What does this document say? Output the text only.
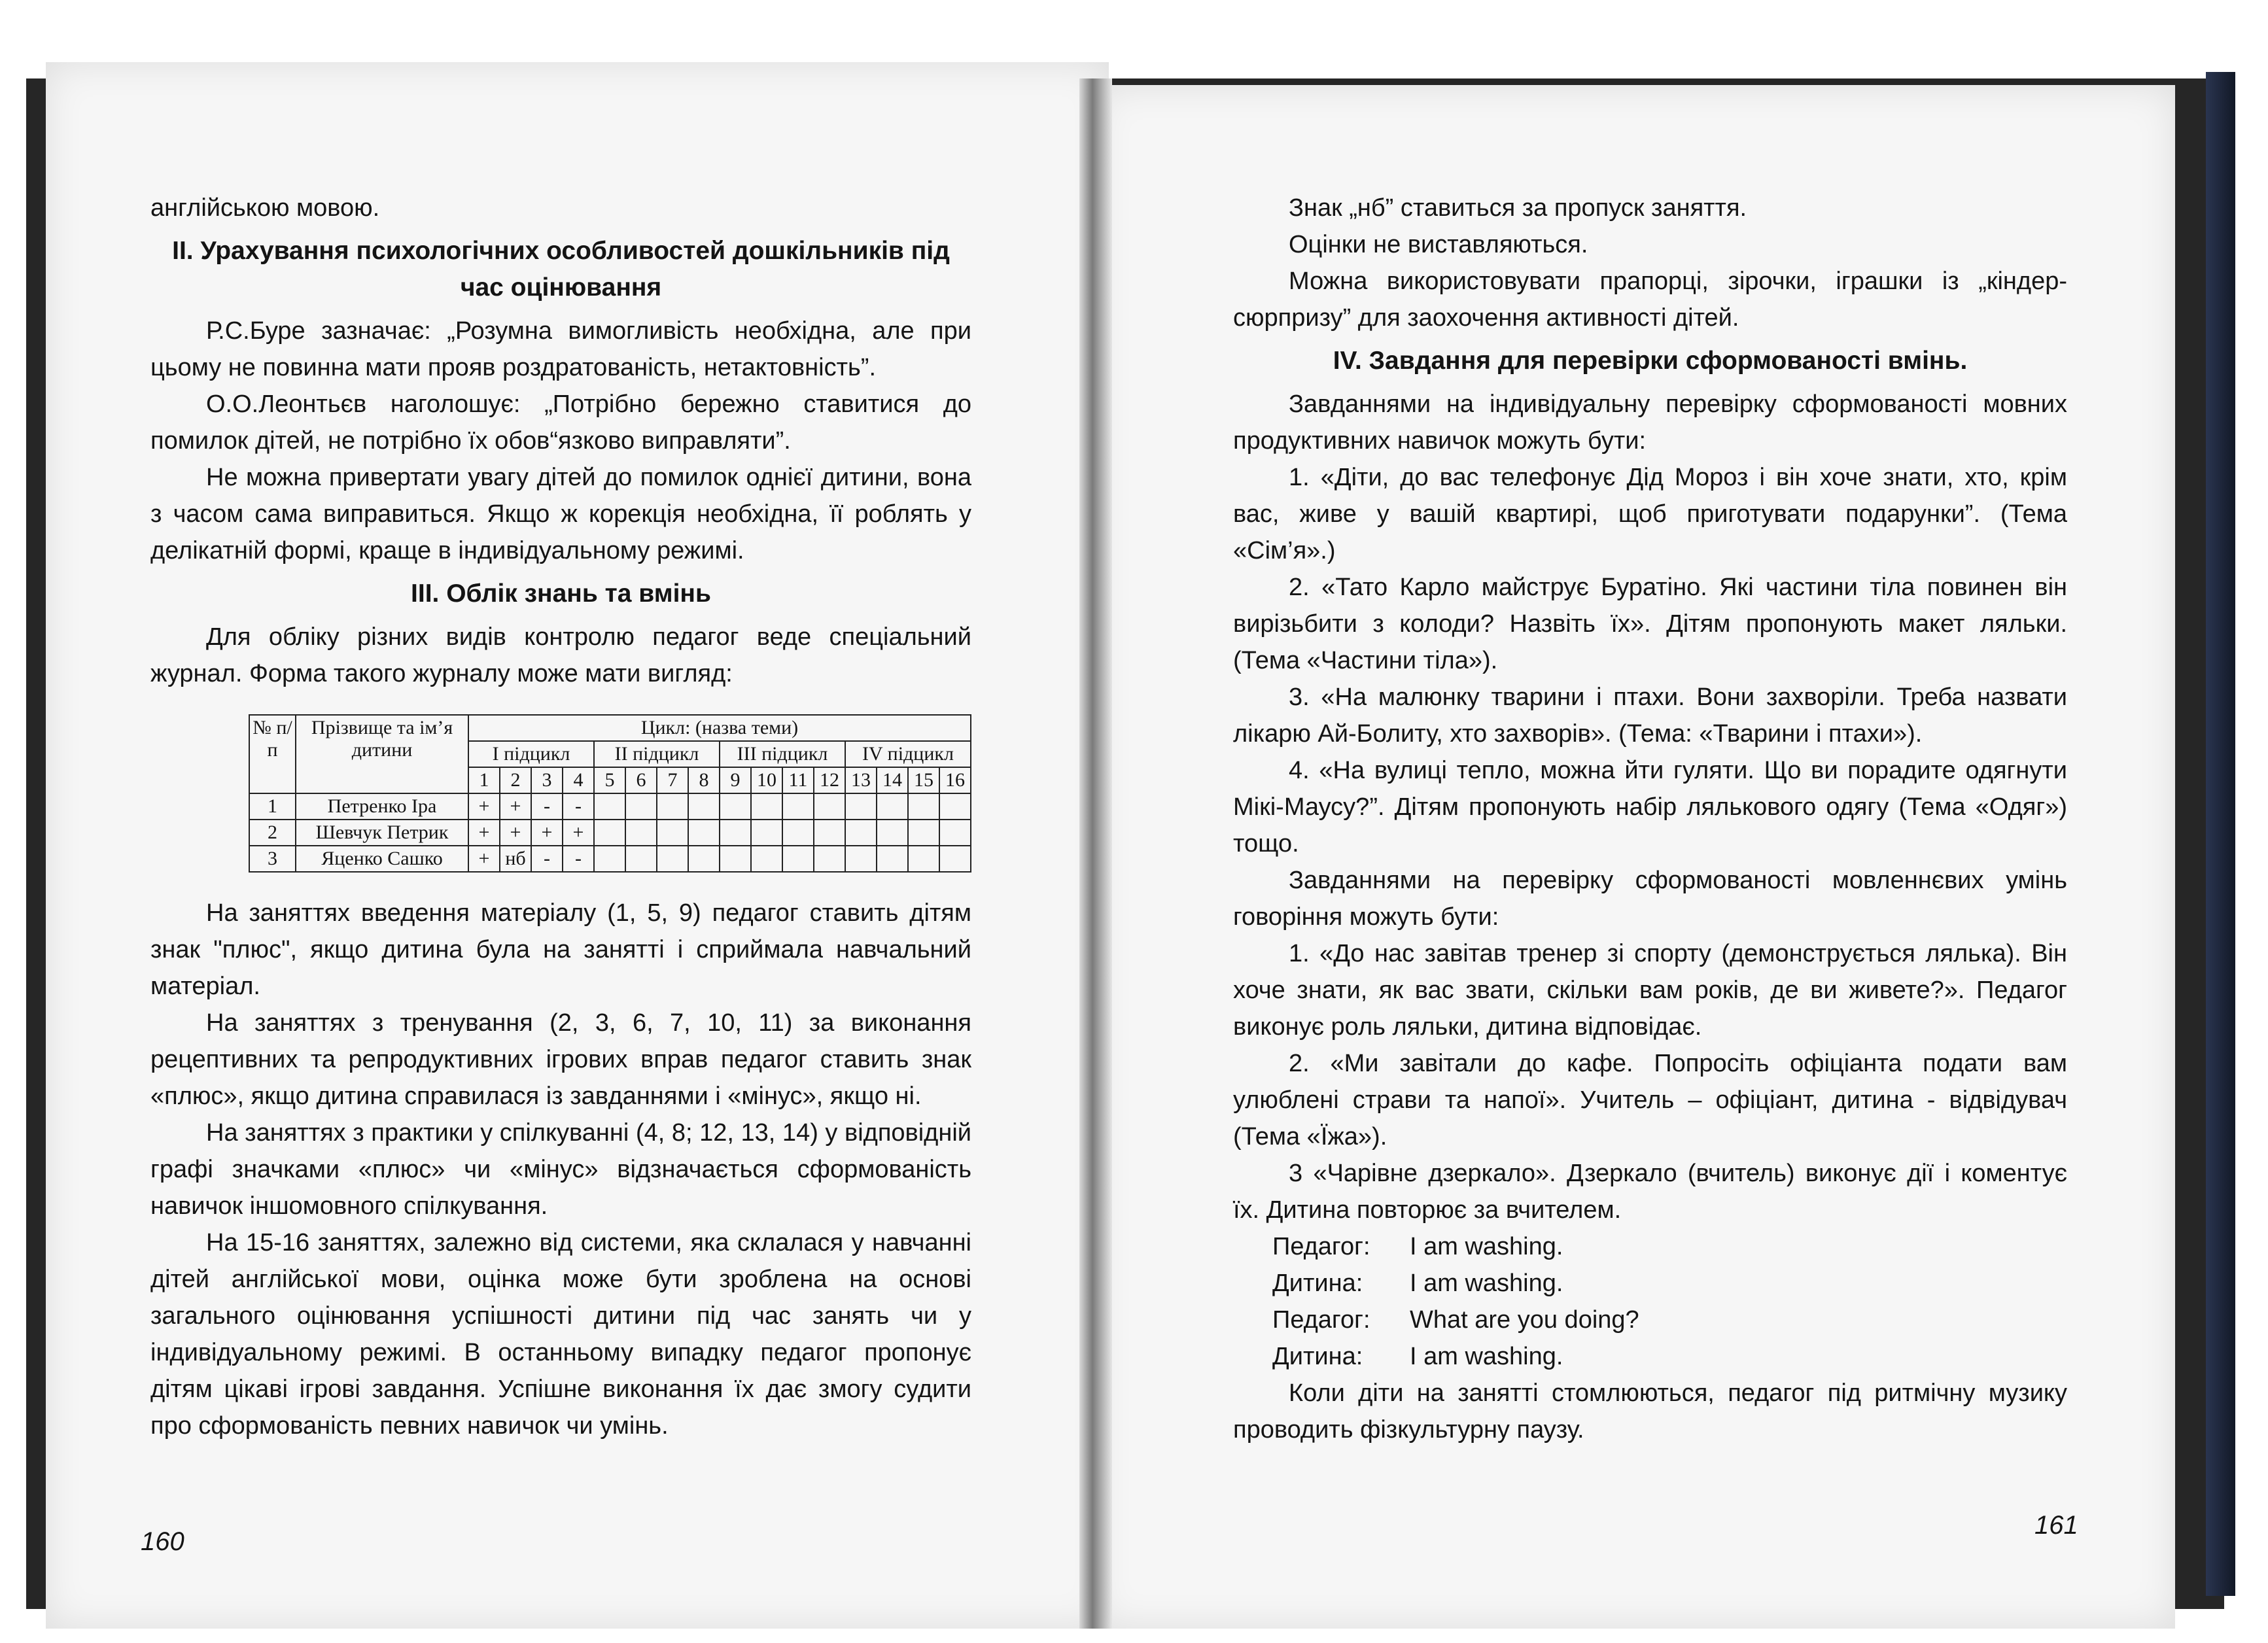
англійською мовою.

ІІ. Урахування психологічних особливостей дошкільників під час оцінювання

Р.С.Буре зазначає: „Розумна вимогливість необхідна, але при цьому не повинна мати прояв роздратованість, нетактовність”.

О.О.Леонтьєв наголошує: „Потрібно бережно ставитися до помилок дітей, не потрібно їх обов“язково виправляти”.

Не можна привертати увагу дітей до помилок однієї дитини, вона з часом сама виправиться. Якщо ж корекція необхідна, її роблять у делікатній формі, краще в індивідуальному режимі.

ІІІ. Облік знань та вмінь

Для обліку різних видів контролю педагог веде спеціальний журнал. Форма такого журналу може мати вигляд:

№ п/п	Прізвище та ім’я дитини	Цикл: (назва теми)															
		І підцикл				ІІ підцикл				ІІІ підцикл				ІV підцикл			
		1	2	3	4	5	6	7	8	9	10	11	12	13	14	15	16
1	Петренко Іра	+	+	-	-												
2	Шевчук Петрик	+	+	+	+												
3	Яценко Сашко	+	нб	-	-												

На заняттях введення матеріалу (1, 5, 9) педагог ставить дітям знак "плюс", якщо дитина була на занятті і сприймала навчальний матеріал.

На заняттях з тренування (2, 3, 6, 7, 10, 11) за виконання рецептивних та репродуктивних ігрових вправ педагог ставить знак «плюс», якщо дитина справилася із завданнями і «мінус», якщо ні.

На заняттях з практики у спілкуванні (4, 8; 12, 13, 14) у відповідній графі значками «плюс» чи «мінус» відзначається сформованість навичок іншомовного спілкування.

На 15-16 заняттях, залежно від системи, яка склалася у навчанні дітей англійської мови, оцінка може бути зроблена на основі загального оцінювання успішності дитини під час занять чи у індивідуальному режимі. В останньому випадку педагог пропонує дітям цікаві ігрові завдання. Успішне виконання їх дає змогу судити про сформованість певних навичок чи умінь.

160

Знак „нб” ставиться за пропуск заняття.

Оцінки не виставляються.

Можна використовувати прапорці, зірочки, іграшки із „кіндер-сюрпризу” для заохочення активності дітей.

IV. Завдання для перевірки сформованості вмінь.

Завданнями на індивідуальну перевірку сформованості мовних продуктивних навичок можуть бути:

1. «Діти, до вас телефонує Дід Мороз і він хоче знати, хто, крім вас, живе у вашій квартирі, щоб приготувати подарунки”. (Тема «Сім’я».)

2. «Тато Карло майструє Буратіно. Які частини тіла повинен він вирізьбити з колоди? Назвіть їх». Дітям пропонують макет ляльки. (Тема «Частини тіла»).

3. «На малюнку тварини і птахи. Вони захворіли. Треба назвати лікарю Ай-Болиту, хто захворів». (Тема: «Тварини і птахи»).

4. «На вулиці тепло, можна йти гуляти. Що ви порадите одягнути Мікі-Маусу?”. Дітям пропонують набір лялькового одягу (Тема «Одяг») тощо.

Завданнями на перевірку сформованості мовленнєвих умінь говоріння можуть бути:

1. «До нас завітав тренер зі спорту (демонструється лялька). Він хоче знати, як вас звати, скільки вам років, де ви живете?». Педагог виконує роль ляльки, дитина відповідає.

2. «Ми завітали до кафе. Попросіть офіціанта подати вам улюблені страви та напої». Учитель – офіціант, дитина - відвідувач (Тема «Їжа»).

3 «Чарівне дзеркало». Дзеркало (вчитель) виконує дії і коментує їх. Дитина повторює за вчителем.

Педагог:	I am washing.
Дитина:	I am washing.
Педагог:	What are you doing?
Дитина:	I am washing.

Коли діти на занятті стомлюються, педагог під ритмічну музику проводить фізкультурну паузу.

161
